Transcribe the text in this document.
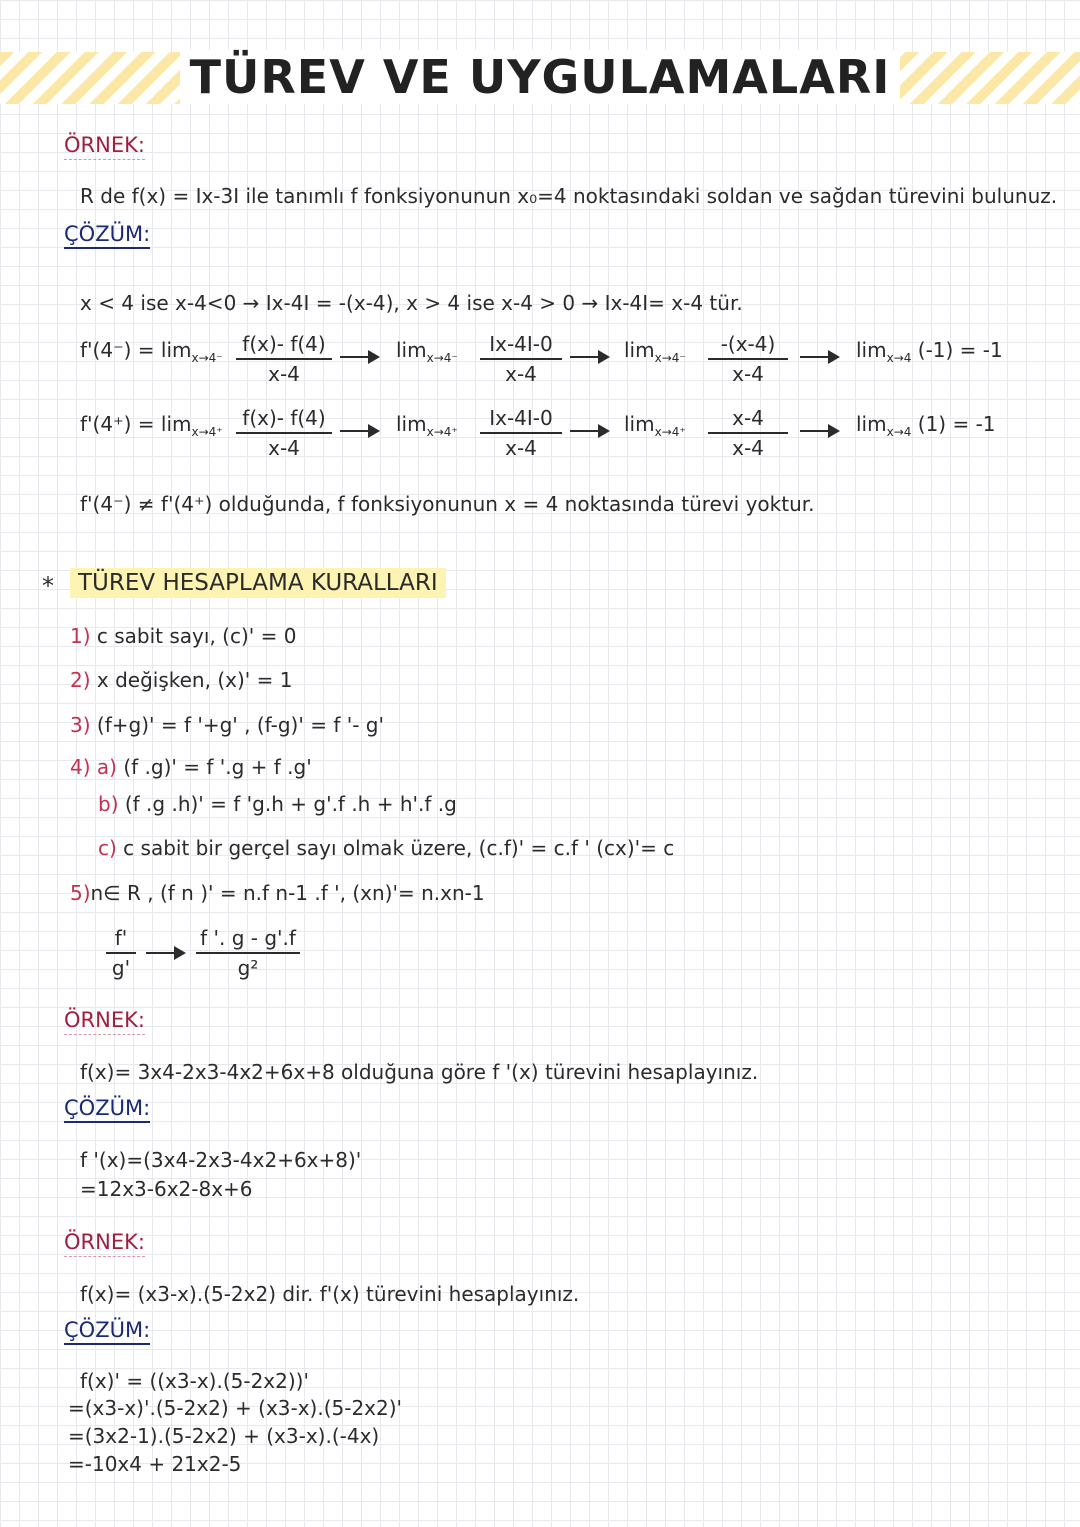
TÜREV VE UYGULAMALARI
ÖRNEK:
R de f(x) = Ix-3I ile tanımlı f fonksiyonunun x₀=4 noktasındaki soldan ve sağdan türevini bulunuz.
ÇÖZÜM:
x < 4 ise x-4<0 → Ix-4I = -(x-4), x > 4 ise x-4 > 0 → Ix-4I= x-4 tür.
$f'(4^-) = \lim_{x\to 4^-}$
f(x)- f(4)
x-4
$\lim_{x\to 4^-}$
Ix-4I-0
x-4
$\lim_{x\to 4^-}$
-(x-4)
x-4
$\lim_{x\to 4} (-1) = -1$
$f'(4^+) = \lim_{x\to 4^+}$
f(x)- f(4)
x-4
$\lim_{x\to 4^+}$
Ix-4I-0
x-4
$\lim_{x\to 4^+}$
x-4
x-4
$\lim_{x\to 4} (1) = -1$
f'(4⁻) ≠ f'(4⁺) olduğunda, f fonksiyonunun x = 4 noktasında türevi yoktur.
*	TÜREV HESAPLAMA KURALLARI
1) c sabit sayı, (c)' = 0
2) x değişken, (x)' = 1
3) (f+g)' = f '+g' , (f-g)' = f '- g'
4) a) (f .g)' = f '.g + f .g'
b) (f .g .h)' = f 'g.h + g'.f .h + h'.f .g
c) c sabit bir gerçel sayı olmak üzere, (c.f)' = c.f ' (cx)'= c
5)n∈ R , (f n )' = n.f n-1 .f ', (xn)'= n.xn-1
f'
g'
f '. g - g'.f
g²
ÖRNEK:
f(x)= 3x4-2x3-4x2+6x+8 olduğuna göre f '(x) türevini hesaplayınız.
ÇÖZÜM:
f '(x)=(3x4-2x3-4x2+6x+8)'
=12x3-6x2-8x+6
ÖRNEK:
f(x)= (x3-x).(5-2x2) dir. f'(x) türevini hesaplayınız.
ÇÖZÜM:
f(x)' = ((x3-x).(5-2x2))'
=(x3-x)'.(5-2x2) + (x3-x).(5-2x2)'
=(3x2-1).(5-2x2) + (x3-x).(-4x)
=-10x4 + 21x2-5
